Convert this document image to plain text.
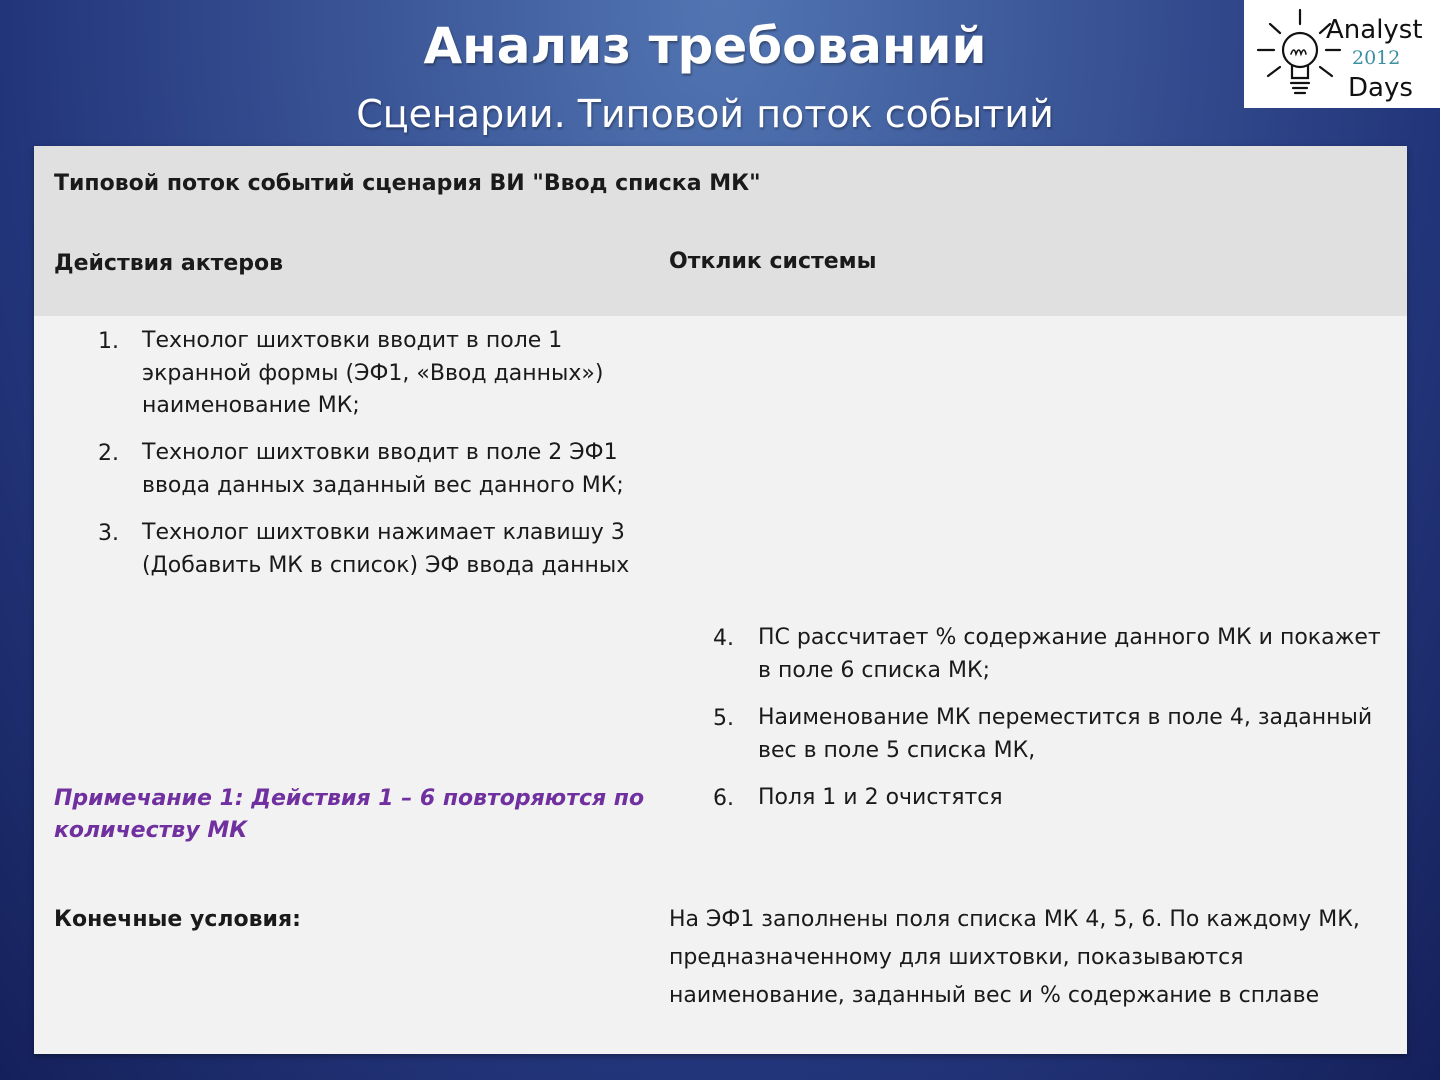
Анализ требований
Сценарии. Типовой поток событий
Analyst
2012
Days
Типовой поток событий сценария ВИ "Ввод списка МК"
Действия актеров	Отклик системы
1. Технолог шихтовки вводит в поле 1 экранной формы (ЭФ1, «Ввод данных») наименование МК;
2. Технолог шихтовки вводит в поле 2 ЭФ1 ввода данных заданный вес данного МК;
3. Технолог шихтовки нажимает клавишу 3 (Добавить МК в список) ЭФ ввода данных
4. ПС рассчитает % содержание данного МК и покажет в поле 6 списка МК;
5. Наименование МК переместится в поле 4, заданный вес в поле 5 списка МК,
6. Поля 1 и 2 очистятся
Примечание 1: Действия 1 – 6 повторяются по количеству МК
Конечные условия:	На ЭФ1 заполнены поля списка МК 4, 5, 6. По каждому МК, предназначенному для шихтовки, показываются наименование, заданный вес и % содержание в сплаве
